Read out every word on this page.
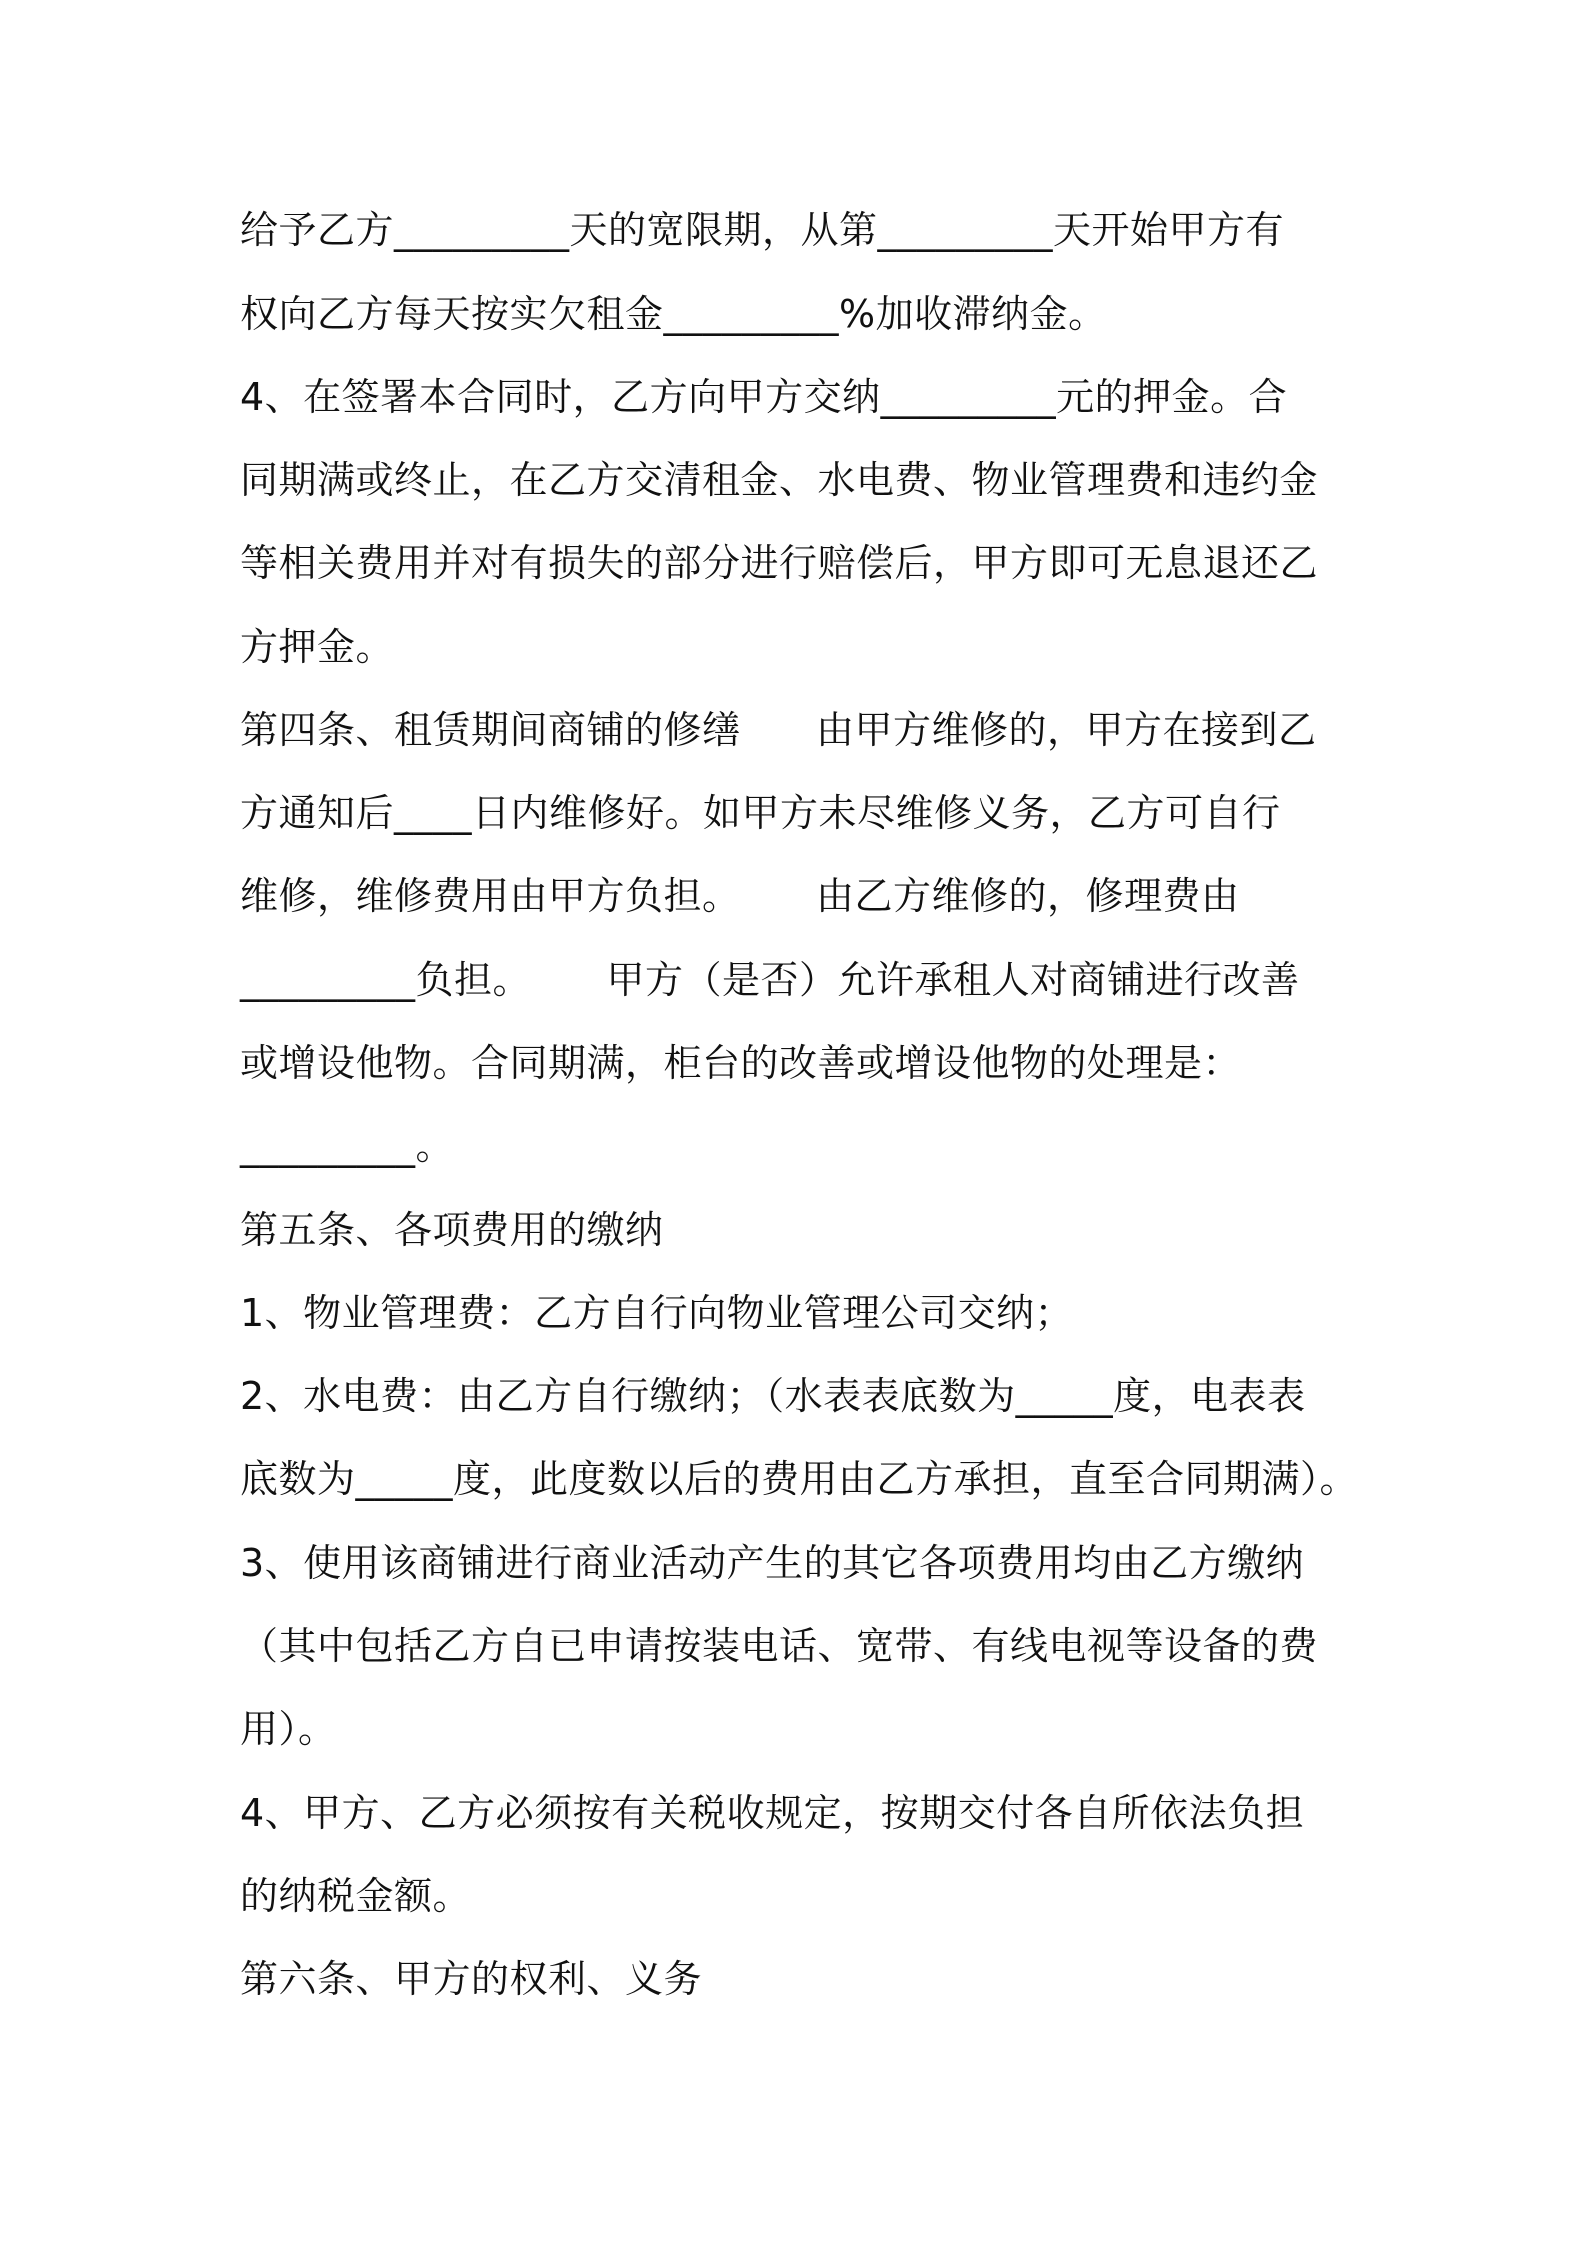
给予乙方_________天的宽限期，从第_________天开始甲方有
权向乙方每天按实欠租金_________%加收滞纳金。
4、在签署本合同时，乙方向甲方交纳_________元的押金。合
同期满或终止，在乙方交清租金、水电费、物业管理费和违约金
等相关费用并对有损失的部分进行赔偿后，甲方即可无息退还乙
方押金。
第四条、租赁期间商铺的修缮      由甲方维修的，甲方在接到乙
方通知后____日内维修好。如甲方未尽维修义务，乙方可自行
维修，维修费用由甲方负担。      由乙方维修的，修理费由
_________负担。      甲方（是否）允许承租人对商铺进行改善
或增设他物。合同期满，柜台的改善或增设他物的处理是：
_________。
第五条、各项费用的缴纳
1、物业管理费：乙方自行向物业管理公司交纳；
2、水电费：由乙方自行缴纳；（水表表底数为_____度，电表表
底数为_____度，此度数以后的费用由乙方承担，直至合同期满）。
3、使用该商铺进行商业活动产生的其它各项费用均由乙方缴纳
（其中包括乙方自已申请按装电话、宽带、有线电视等设备的费
用）。
4、甲方、乙方必须按有关税收规定，按期交付各自所依法负担
的纳税金额。
第六条、甲方的权利、义务
